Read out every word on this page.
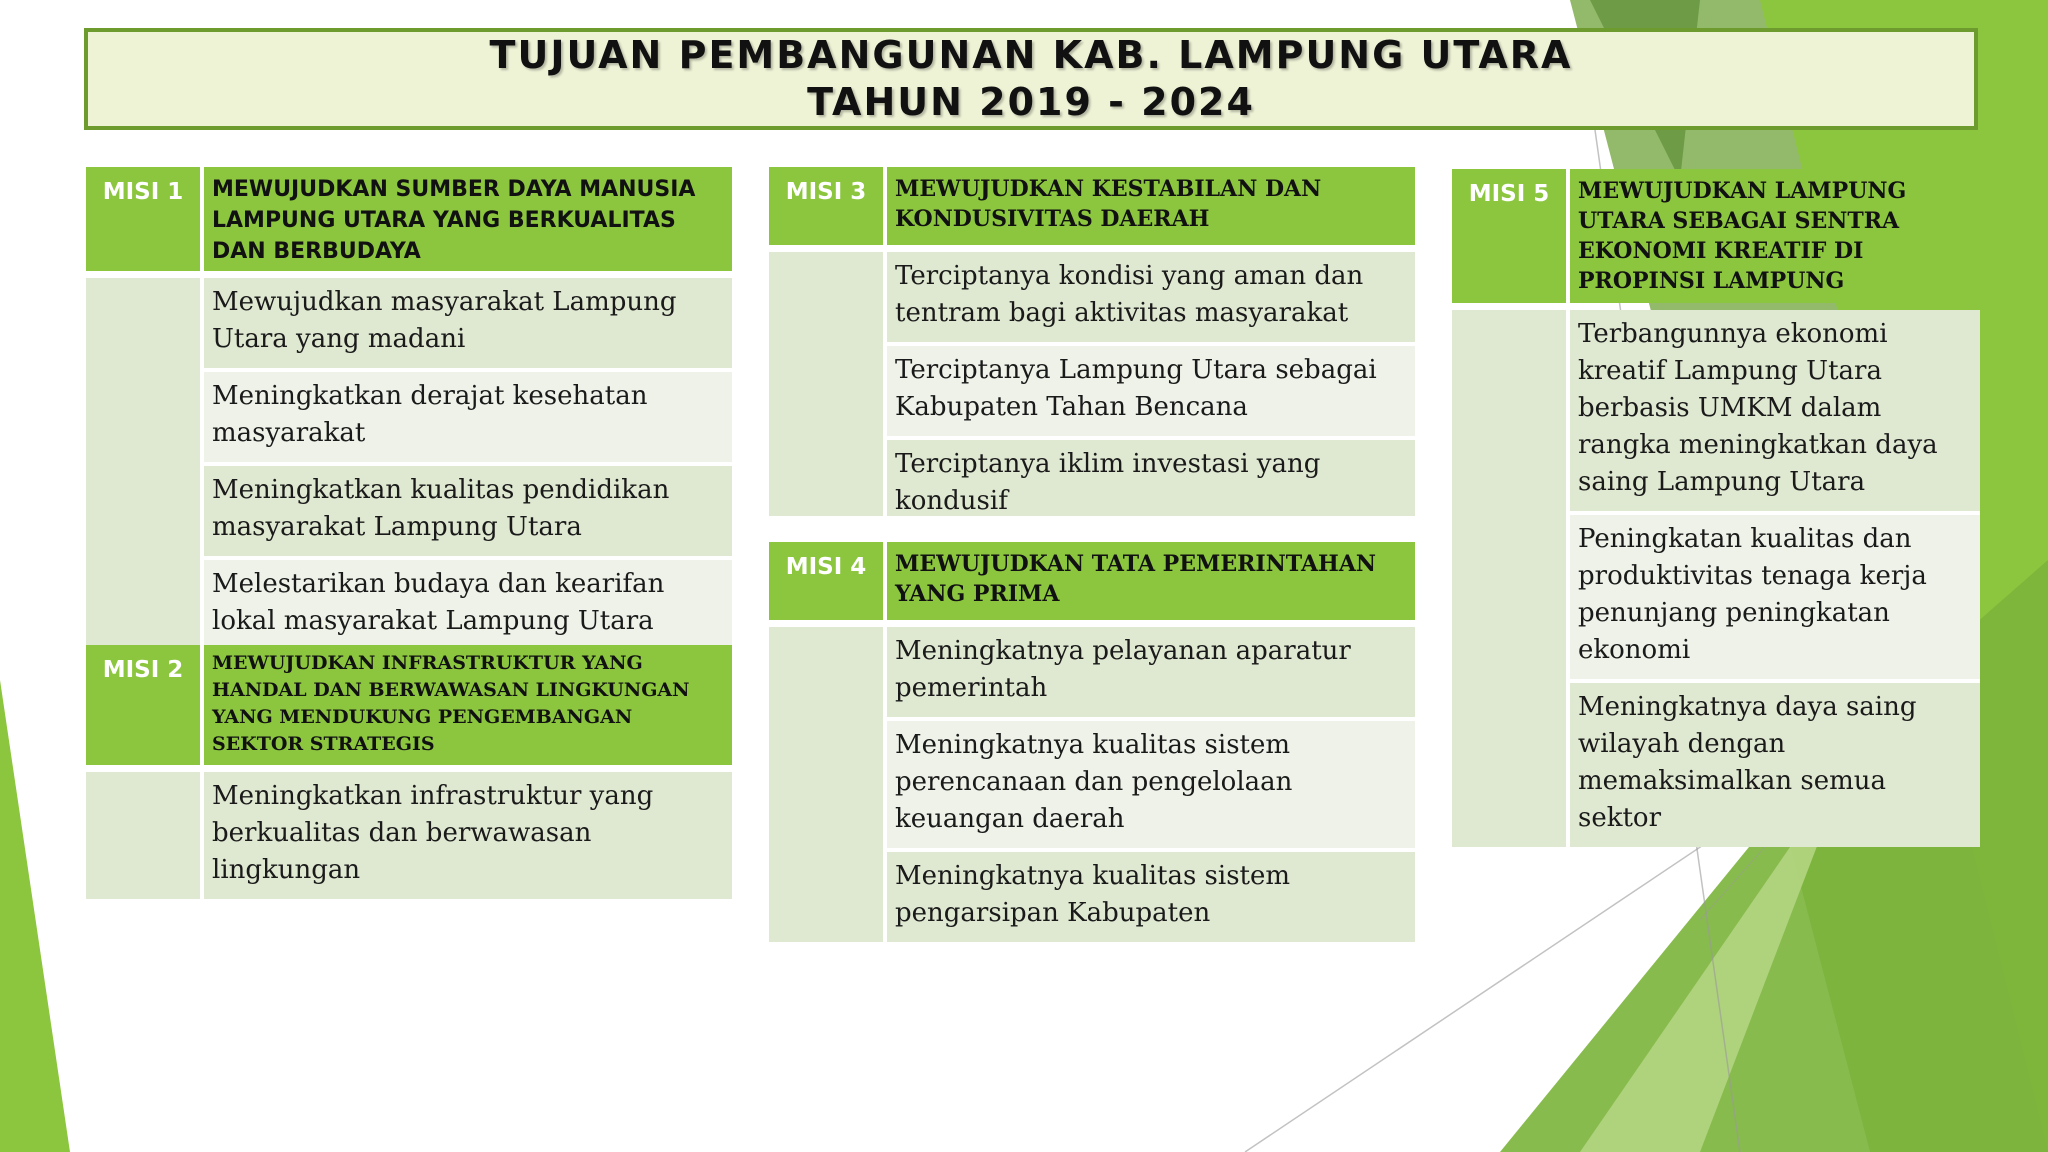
TUJUAN PEMBANGUNAN KAB. LAMPUNG UTARA
TAHUN 2019 - 2024
MISI 1	MEWUJUDKAN SUMBER DAYA MANUSIA LAMPUNG UTARA YANG BERKUALITAS DAN BERBUDAYA
Mewujudkan masyarakat Lampung Utara yang madani
Meningkatkan derajat kesehatan masyarakat
Meningkatkan kualitas pendidikan masyarakat Lampung Utara
Melestarikan budaya dan kearifan lokal masyarakat Lampung Utara
MISI 2	MEWUJUDKAN INFRASTRUKTUR YANG HANDAL DAN BERWAWASAN LINGKUNGAN YANG MENDUKUNG PENGEMBANGAN SEKTOR STRATEGIS
Meningkatkan infrastruktur yang berkualitas dan berwawasan lingkungan
MISI 3	MEWUJUDKAN KESTABILAN DAN KONDUSIVITAS DAERAH
Terciptanya kondisi yang aman dan tentram bagi aktivitas masyarakat
Terciptanya Lampung Utara sebagai Kabupaten Tahan Bencana
Terciptanya iklim investasi yang kondusif
MISI 4	MEWUJUDKAN TATA PEMERINTAHAN YANG PRIMA
Meningkatnya pelayanan aparatur pemerintah
Meningkatnya kualitas sistem perencanaan dan pengelolaan keuangan daerah
Meningkatnya kualitas sistem pengarsipan Kabupaten
MISI 5	MEWUJUDKAN LAMPUNG UTARA SEBAGAI SENTRA EKONOMI KREATIF DI PROPINSI LAMPUNG
Terbangunnya ekonomi kreatif Lampung Utara berbasis UMKM dalam rangka meningkatkan daya saing Lampung Utara
Peningkatan kualitas dan produktivitas tenaga kerja penunjang peningkatan ekonomi
Meningkatnya daya saing wilayah dengan memaksimalkan semua sektor
